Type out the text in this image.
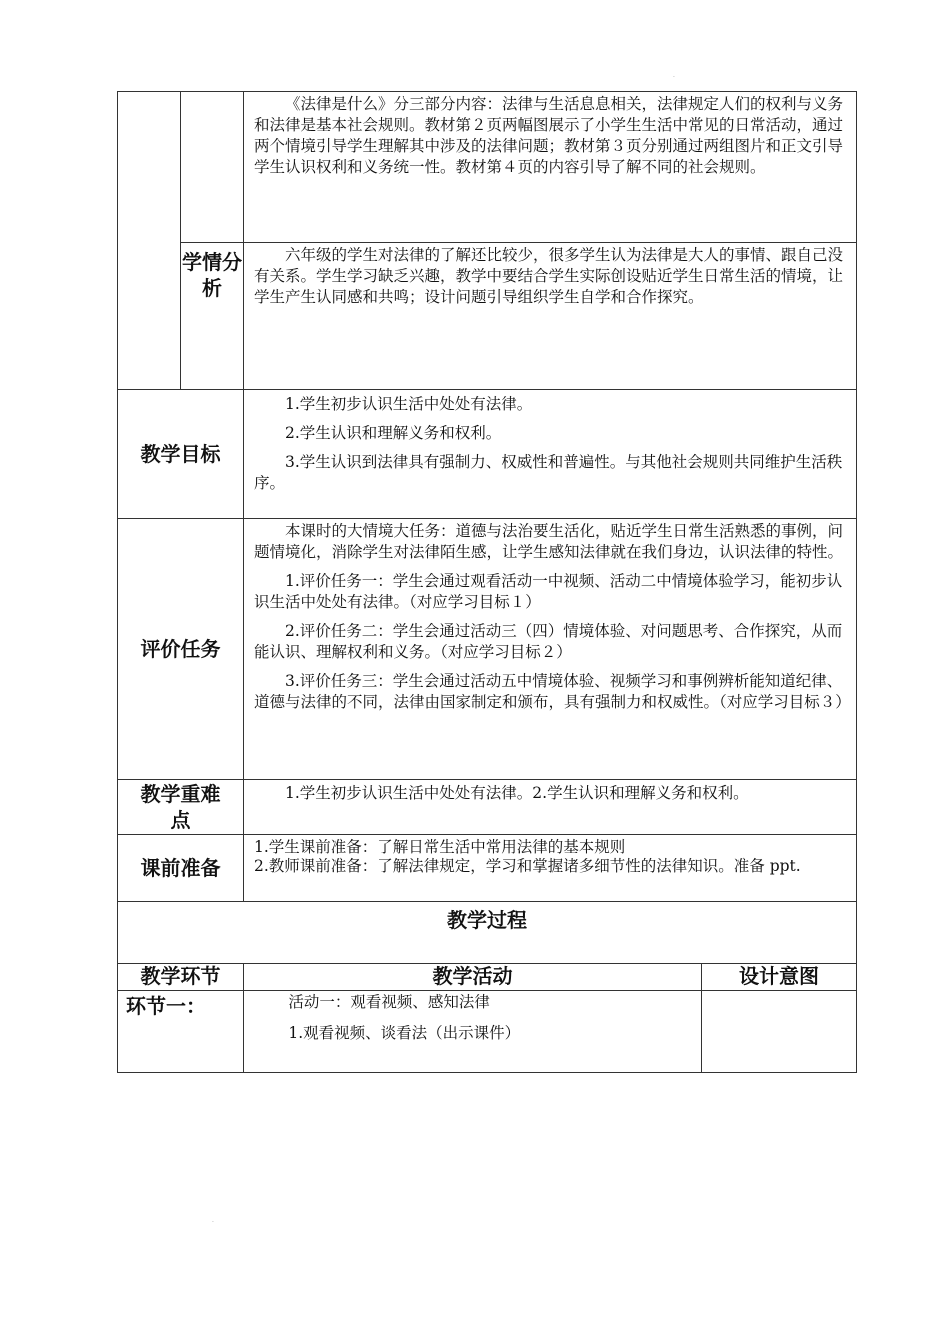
·

		《法律是什么》分三部分内容：法律与生活息息相关，法律规定人们的权利与义务和法律是基本社会规则。教材第２页两幅图展示了小学生生活中常见的日常活动，通过两个情境引导学生理解其中涉及的法律问题；教材第３页分别通过两组图片和正文引导学生认识权利和义务统一性。教材第４页的内容引导了解不同的社会规则。	

	学情分析	六年级的学生对法律的了解还比较少，很多学生认为法律是大人的事情、跟自己没有关系。学生学习缺乏兴趣，教学中要结合学生实际创设贴近学生日常生活的情境，让学生产生认同感和共鸣；设计问题引导组织学生自学和合作探究。	

教学目标		1.学生初步认识生活中处处有法律。

2.学生认识和理解义务和权利。

3.学生认识到法律具有强制力、权威性和普遍性。与其他社会规则共同维护生活秩序。	

评价任务		本课时的大情境大任务：道德与法治要生活化，贴近学生日常生活熟悉的事例，问题情境化，消除学生对法律陌生感，让学生感知法律就在我们身边，认识法律的特性。

1.评价任务一：学生会通过观看活动一中视频、活动二中情境体验学习，能初步认识生活中处处有法律。（对应学习目标１）

2.评价任务二：学生会通过活动三（四）情境体验、对问题思考、合作探究，从而能认识、理解权利和义务。（对应学习目标２）

3.评价任务三：学生会通过活动五中情境体验、视频学习和事例辨析能知道纪律、道德与法律的不同，法律由国家制定和颁布，具有强制力和权威性。（对应学习目标３）	

教学重难点		1.学生初步认识生活中处处有法律。2.学生认识和理解义务和权利。	

课前准备		1.学生课前准备：了解日常生活中常用法律的基本规则

2.教师课前准备：了解法律规定，学习和掌握诸多细节性的法律知识。准备 ppt.	

教学过程			
教学环节		教学活动	设计意图
环节一：		活动一：观看视频、感知法律

1.观看视频、谈看法（出示课件）	

·
